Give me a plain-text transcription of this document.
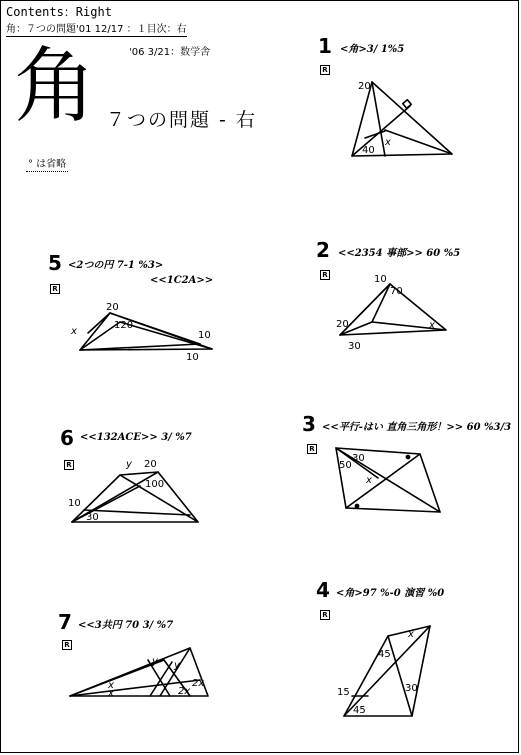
Contents：Right
角：７つの問題'01 12/17 ：１目次：右
'06 3/21：数学舎
角 ７つの問題 - 右
° は省略
1 <角>3/ 1%5
R
2 <<2354 事部>> 60 %5
R
3 <<平行-はい 直角三角形！>> 60 %3/3
R
4 <角>97 %-0 演習 %0
R
5 <2つの円 7-1 %3>
<<1C2A>>
R
6 <<132ACE>> 3/ %7
R
7 <<3共円 70 3/ %7
R
20
x
40
10
70
20
30
x
30
50
x
x
45
15	30
45
20
x
120
10
10
y 20
100
10
30
y y
x
x
2x
2x
